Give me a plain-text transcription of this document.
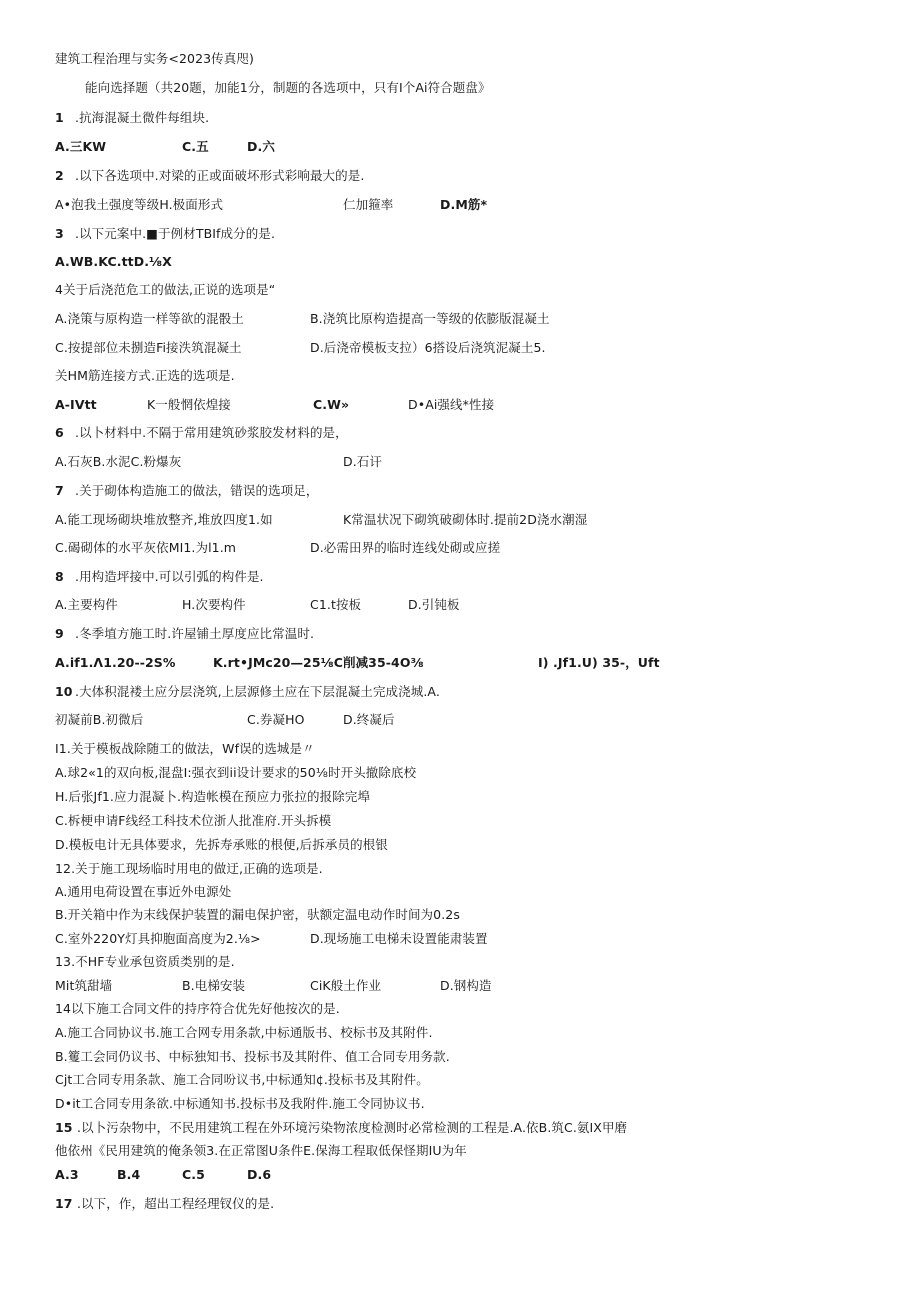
建筑工程治理与实务<2023传真咫)
能向选择题（共20题，加能1分，制题的各选项中，只有I个Ai符合题盘》
1 .抗海混凝土微件每组块.
A.三KW	C.五	D.六
2 .以下各选项中.对梁的正或面破坏形式彩响最大的是.
A•泡我土强度等级H.极面形式	仁加箍率	D.M筋*
3 .以下元案中.■于例材TBIf成分的是.
A.WB.KC.ttD.⅛X
4关于后浇范危工的做法,正说的选项是“
A.浇策与原构造一样等欲的混骰土	B.浇筑比原构造提高一等级的依膨版混凝土
C.按提部位未捌造Fi接泆筑混凝土	D.后浇帝模板支拉）6搭设后浇筑泥凝土5.
关HM筋连接方式.正选的选项是.
A-IVtt	K一般惘依煌接	C.W»	D•Ai强线*性接
6 .以卜材料中.不隔于常用建筑砂浆胶发材料的是，
A.石灰B.水泥C.粉爆灰	D.石讦
7 .关于砌体构造施工的做法，错误的选项足，
A.能工现场砌块堆放整齐,堆放四度1.如	K常温状况下砌筑破砌体时.提前2D浇水潮湿
C.碣砌体的水平灰依MI1.为l1.m	D.必需田界的临时连线处砌或应搓
8 .用构造坪接中.可以引弧的构件是.
A.主要构件	H.次要构件	C1.t按板	D.引钝板
9 .冬季埴方施工时.许屋铺土厚度应比常温时.
A.if1.Λ1.20--2S%	K.rt•JMc20—25⅛C削减35-4O⅜	I) .Jf1.U) 35-，Uft
10 .大体积混褛土应分层浇筑,上层源修土应在下层混凝土完成浇城.A.
初凝前B.初微后	C.券凝HO	D.终凝后
I1.关于模板战除随工的做法，Wf误的选城是〃
A.球2«1的双向板,混盘I:强衣到ii设计要求的50⅛时开头撤除底校
H.后张Jf1.应力混凝卜.构造帐模在预应力张拉的报除完埠
C.柝梗申请F线经工科技术位浙人批准府.开头拆模
D.模板电计无具体要求，先拆寿承账的根便,后拆承员的根银
12.关于施工现场临时用电的做迂,正确的选项是.
A.通用电荷设置在事近外电源处
B.开关箱中作为末线保护装置的漏电保护密，驮额定温电动作时间为0.2s
C.室外220Y灯具抑胞面高度为2.⅛>	D.现场施工电梯未设置能肃装置
13.不HF专业承包资质类别的是.
Mit筑甜墙	B.电梯安装	CiK般土作业	D.钢构造
14以下施工合同文件的持序符合优先好他按次的是.
A.施工合同协议书.施工合网专用条款,中标通版书、校标书及其附件.
B.籆工会同仍议书、中标独知书、投标书及其附件、值工合同专用务款.
Cjt工合同专用条款、施工合同吩议书,中标通知¢.投标书及其附件。
D•it工合同专用条欲.中标通知书.投标书及我附件.施工令同协议书.
15 .以卜污杂物中，不民用建筑工程在外环境污染物浓度检测时必常检测的工程是.A.依B.筑C.氨IX甲磨
他依州《民用建筑的俺条领3.在正常图U条件E.保海工程取低保怪期IU为年
A.3	B.4	C.5	D.6
17 .以下，作，超出工程经理钗仪的是.
